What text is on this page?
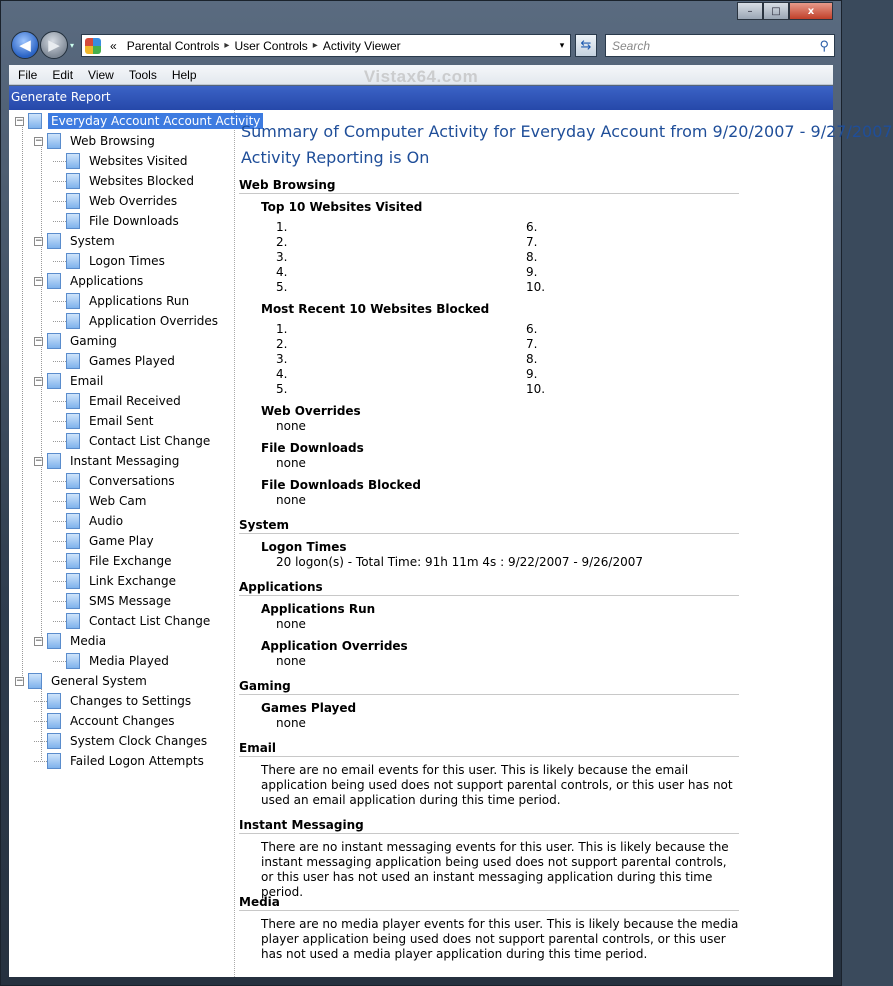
–	□	x
◀ ▶ ▾	« Parental Controls ▸ User Controls ▸ Activity Viewer	▾	⇆	Search	⚲
File	Edit	View	Tools	Help	Vistax64.com
Generate Report
− Everyday Account Account Activity
− Web Browsing
Websites Visited
Websites Blocked
Web Overrides
File Downloads
− System
Logon Times
− Applications
Applications Run
Application Overrides
− Gaming
Games Played
− Email
Email Received
Email Sent
Contact List Change
− Instant Messaging
Conversations
Web Cam
Audio
Game Play
File Exchange
Link Exchange
SMS Message
Contact List Change
− Media
Media Played
− General System
Changes to Settings
Account Changes
System Clock Changes
Failed Logon Attempts
Summary of Computer Activity for Everyday Account from 9/20/2007 - 9/27/2007
Activity Reporting is On
Web Browsing
Top 10 Websites Visited
1.
2.
3.
4.
5.
6.
7.
8.
9.
10.
Most Recent 10 Websites Blocked
1.
2.
3.
4.
5.
6.
7.
8.
9.
10.
Web Overrides
none
File Downloads
none
File Downloads Blocked
none
System
Logon Times
20 logon(s) - Total Time: 91h 11m 4s : 9/22/2007 - 9/26/2007
Applications
Applications Run
none
Application Overrides
none
Gaming
Games Played
none
Email
There are no email events for this user. This is likely because the email application being used does not support parental controls, or this user has not used an email application during this time period.
Instant Messaging
There are no instant messaging events for this user. This is likely because the instant messaging application being used does not support parental controls, or this user has not used an instant messaging application during this time period.
Media
There are no media player events for this user. This is likely because the media player application being used does not support parental controls, or this user has not used a media player application during this time period.
